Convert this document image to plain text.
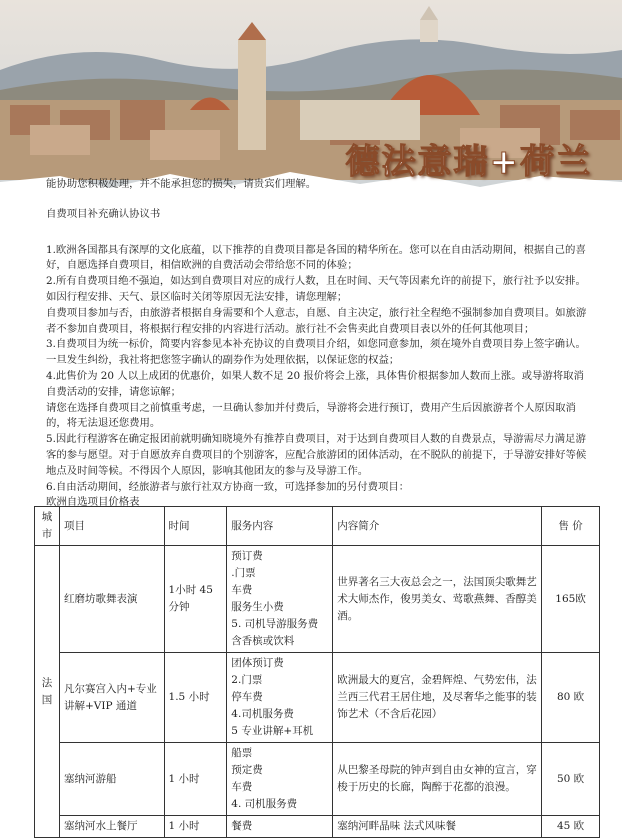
德法意瑞+荷兰

能协助您积极处理，并不能承担您的损失，请贵宾们理解。

自费项目补充确认协议书

1.欧洲各国都具有深厚的文化底蕴，以下推荐的自费项目都是各国的精华所在。您可以在自由活动期间，根据自己的喜好，自愿选择自费项目，相信欧洲的自费活动会带给您不同的体验；

2.所有自费项目绝不强迫，如达到自费项目对应的成行人数，且在时间、天气等因素允许的前提下，旅行社予以安排。如因行程安排、天气、景区临时关闭等原因无法安排，请您理解；

自费项目参加与否，由旅游者根据自身需要和个人意志，自愿、自主决定，旅行社全程绝不强制参加自费项目。如旅游者不参加自费项目，将根据行程安排的内容进行活动。旅行社不会售卖此自费项目表以外的任何其他项目；

3.自费项目为统一标价，简要内容参见本补充协议的自费项目介绍，如您同意参加，须在境外自费项目券上签字确认。一旦发生纠纷，我社将把您签字确认的副券作为处理依据，以保证您的权益；

4.此售价为 20 人以上成团的优惠价，如果人数不足 20 报价将会上涨，具体售价根据参加人数而上涨。或导游将取消自费活动的安排，请您谅解；

请您在选择自费项目之前慎重考虑，一旦确认参加并付费后，导游将会进行预订，费用产生后因旅游者个人原因取消的，将无法退还您费用。

5.因此行程游客在确定报团前就明确知晓境外有推荐自费项目，对于达到自费项目人数的自费景点，导游需尽力满足游客的参与愿望。对于自愿放弃自费项目的个别游客，应配合旅游团的团体活动，在不脱队的前提下，于导游安排好等候地点及时间等候。不得因个人原因，影响其他团友的参与及导游工作。

6.自由活动期间，经旅游者与旅行社双方协商一致，可选择参加的另付费项目：

欧洲自选项目价格表

城市	项目	时间	服务内容	内容简介	售 价
法国	红磨坊歌舞表演	1小时 45分钟	预订费
.门票
车费
服务生小费
5. 司机导游服务费含香槟或饮料	世界著名三大夜总会之一，法国顶尖歌舞艺术大师杰作，俊男美女、莺歌燕舞、香醇美酒。	165欧
	凡尔赛宫入内+专业讲解+VIP 通道	1.5 小时	团体预订费
2.门票
停车费
4.司机服务费
5 专业讲解+耳机	欧洲最大的夏宫，金碧辉煌、气势宏伟，法兰西三代君王居住地，及尽奢华之能事的装饰艺术（不含后花园）	80 欧
	塞纳河游船	1 小时	船票
预定费
车费
4. 司机服务费	从巴黎圣母院的钟声到自由女神的宣言，穿梭于历史的长廊，陶醉于花都的浪漫。	50 欧
	塞纳河水上餐厅	1 小时	餐费	塞纳河畔晶味 法式风味餐	45 欧
